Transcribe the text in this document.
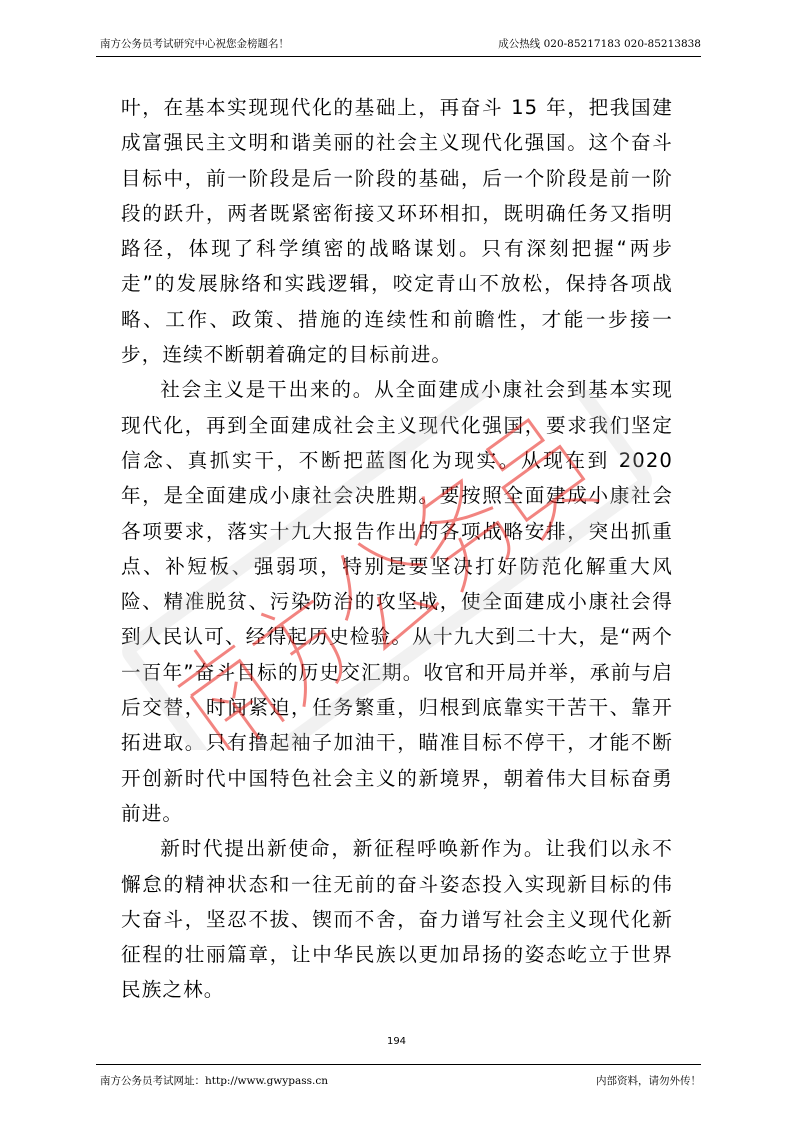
南方公务员考试研究中心祝您金榜题名！	成公热线 020-85217183 020-85213838

叶，在基本实现现代化的基础上，再奋斗 15 年，把我国建成富强民主文明和谐美丽的社会主义现代化强国。这个奋斗目标中，前一阶段是后一阶段的基础，后一个阶段是前一阶段的跃升，两者既紧密衔接又环环相扣，既明确任务又指明路径，体现了科学缜密的战略谋划。只有深刻把握“两步走”的发展脉络和实践逻辑，咬定青山不放松，保持各项战略、工作、政策、措施的连续性和前瞻性，才能一步接一步，连续不断朝着确定的目标前进。

社会主义是干出来的。从全面建成小康社会到基本实现现代化，再到全面建成社会主义现代化强国，要求我们坚定信念、真抓实干，不断把蓝图化为现实。从现在到 2020 年，是全面建成小康社会决胜期。要按照全面建成小康社会各项要求，落实十九大报告作出的各项战略安排，突出抓重点、补短板、强弱项，特别是要坚决打好防范化解重大风险、精准脱贫、污染防治的攻坚战，使全面建成小康社会得到人民认可、经得起历史检验。从十九大到二十大，是“两个一百年”奋斗目标的历史交汇期。收官和开局并举，承前与启后交替，时间紧迫，任务繁重，归根到底靠实干苦干、靠开拓进取。只有撸起袖子加油干，瞄准目标不停干，才能不断开创新时代中国特色社会主义的新境界，朝着伟大目标奋勇前进。

新时代提出新使命，新征程呼唤新作为。让我们以永不懈怠的精神状态和一往无前的奋斗姿态投入实现新目标的伟大奋斗，坚忍不拔、锲而不舍，奋力谱写社会主义现代化新征程的壮丽篇章，让中华民族以更加昂扬的姿态屹立于世界民族之林。

194
南方公务员考试网址：http://www.gwypass.cn	内部资料，请勿外传！
